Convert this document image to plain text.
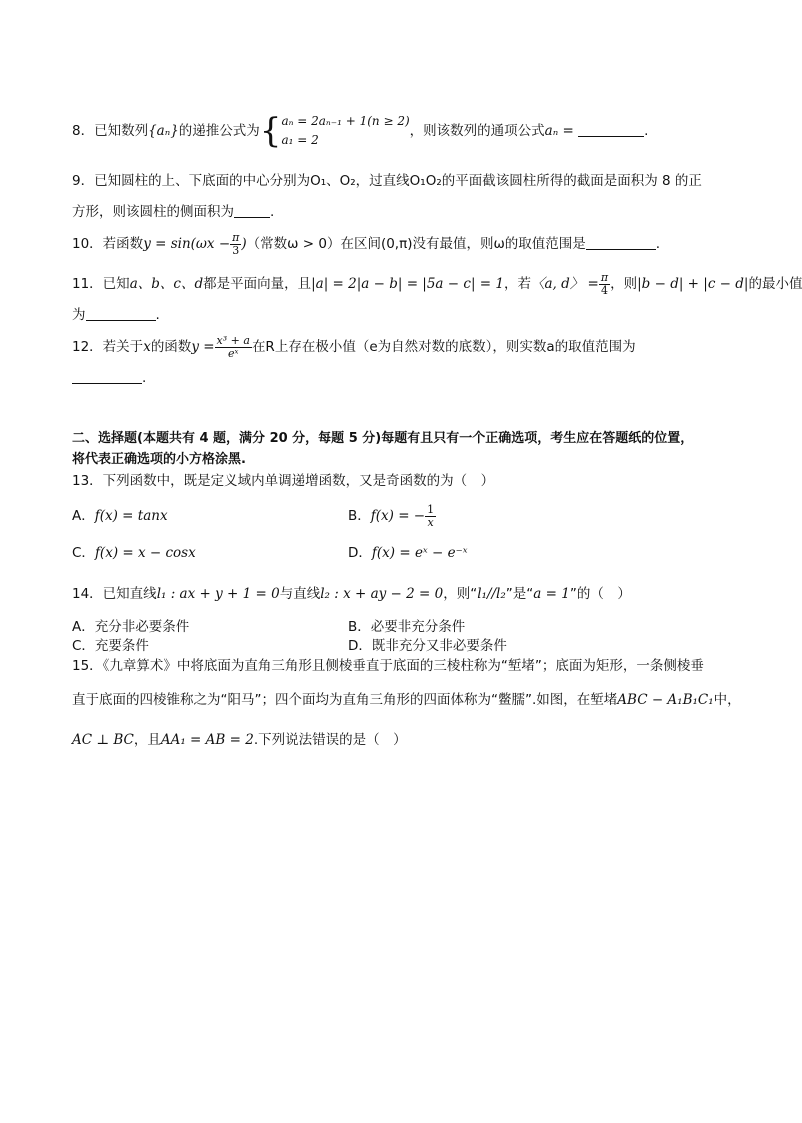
8．已知数列{aₙ}的递推公式为{ aₙ = 2aₙ₋₁ + 1(n ≥ 2)
a₁ = 2
，则该数列的通项公式aₙ =	.
9．已知圆柱的上、下底面的中心分别为O₁、O₂，过直线O₁O₂的平面截该圆柱所得的截面是面积为 8 的正
方形，则该圆柱的侧面积为	.
10．若函数$y = \sin(\omega x - \frac{\pi}{3}$ )（常数ω > 0）在区间(0,π)没有最值，则ω的取值范围是	.
11．已知a、b、c、d都是平面向量，且|a| = 2|a − b| = |5a − c| = 1，若〈a, d〉 = $\frac{\pi}{4}$ ，则|b − d| + |c − d|的最小值
为	.
12．若关于x的函数$y = \frac{\text{x³ + a}}{\text{eˣ}}$ 在R上存在极小值（e为自然对数的底数），则实数a的取值范围为
.
二、选择题(本题共有 4 题，满分 20 分，每题 5 分)每题有且只有一个正确选项，考生应在答题纸的位置，
将代表正确选项的小方格涂黑.
13．下列函数中，既是定义域内单调递增函数，又是奇函数的为（　）
A．f(x) = tanx	B．f(x) = − $\frac{1}{x}$
C．f(x) = x − cosx	D．f(x) = eˣ − e⁻ˣ
14．已知直线l₁ : ax + y + 1 = 0与直线l₂ : x + ay − 2 = 0，则“l₁//l₂”是“a = 1”的（　）
A．充分非必要条件	B．必要非充分条件
C．充要条件	D．既非充分又非必要条件
15．《九章算术》中将底面为直角三角形且侧棱垂直于底面的三棱柱称为“堑堵”；底面为矩形，一条侧棱垂
直于底面的四棱锥称之为“阳马”；四个面均为直角三角形的四面体称为“鳖臑”.如图，在堑堵ABC − A₁B₁C₁中，
AC ⊥ BC，且AA₁ = AB = 2.下列说法错误的是（　）
